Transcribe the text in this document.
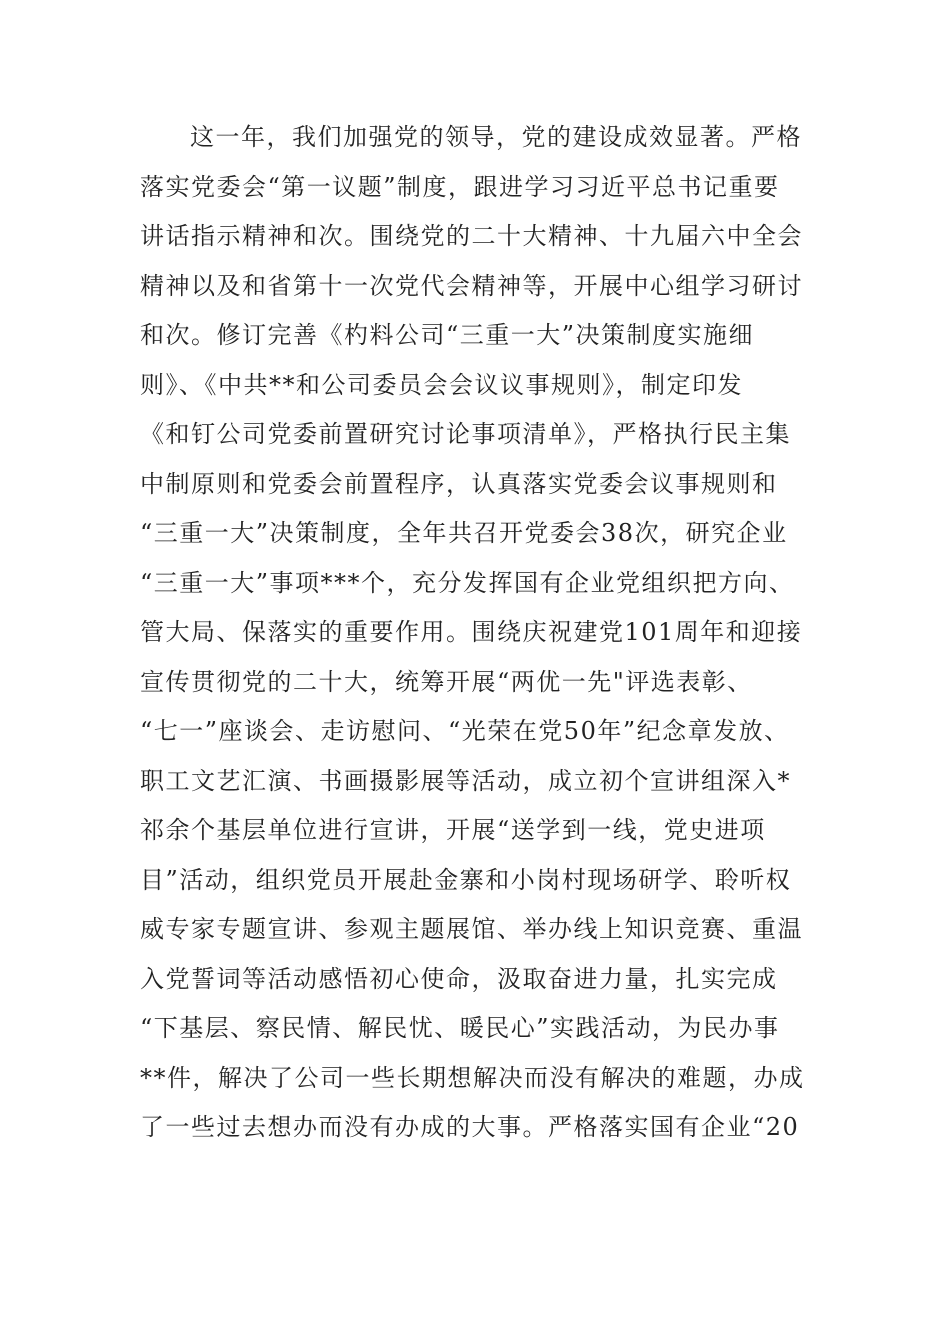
这一年，我们加强党的领导，党的建设成效显著。严格
落实党委会“第一议题”制度，跟进学习习近平总书记重要
讲话指示精神和次。围绕党的二十大精神、十九届六中全会
精神以及和省第十一次党代会精神等，开展中心组学习研讨
和次。修订完善《杓料公司“三重一大”决策制度实施细
则》、《中共**和公司委员会会议议事规则》，制定印发
《和钉公司党委前置研究讨论事项清单》，严格执行民主集
中制原则和党委会前置程序，认真落实党委会议事规则和
“三重一大”决策制度，全年共召开党委会38次，研究企业
“三重一大”事项***个，充分发挥国有企业党组织把方向、
管大局、保落实的重要作用。围绕庆祝建党101周年和迎接
宣传贯彻党的二十大，统筹开展“两优一先"评选表彰、
“七一”座谈会、走访慰问、“光荣在党50年”纪念章发放、
职工文艺汇演、书画摄影展等活动，成立初个宣讲组深入*
祁余个基层单位进行宣讲，开展“送学到一线，党史进项
目”活动，组织党员开展赴金寨和小岗村现场研学、聆听权
威专家专题宣讲、参观主题展馆、举办线上知识竞赛、重温
入党誓词等活动感悟初心使命，汲取奋进力量，扎实完成
“下基层、察民情、解民忧、暖民心”实践活动，为民办事
**件，解决了公司一些长期想解决而没有解决的难题，办成
了一些过去想办而没有办成的大事。严格落实国有企业“20
